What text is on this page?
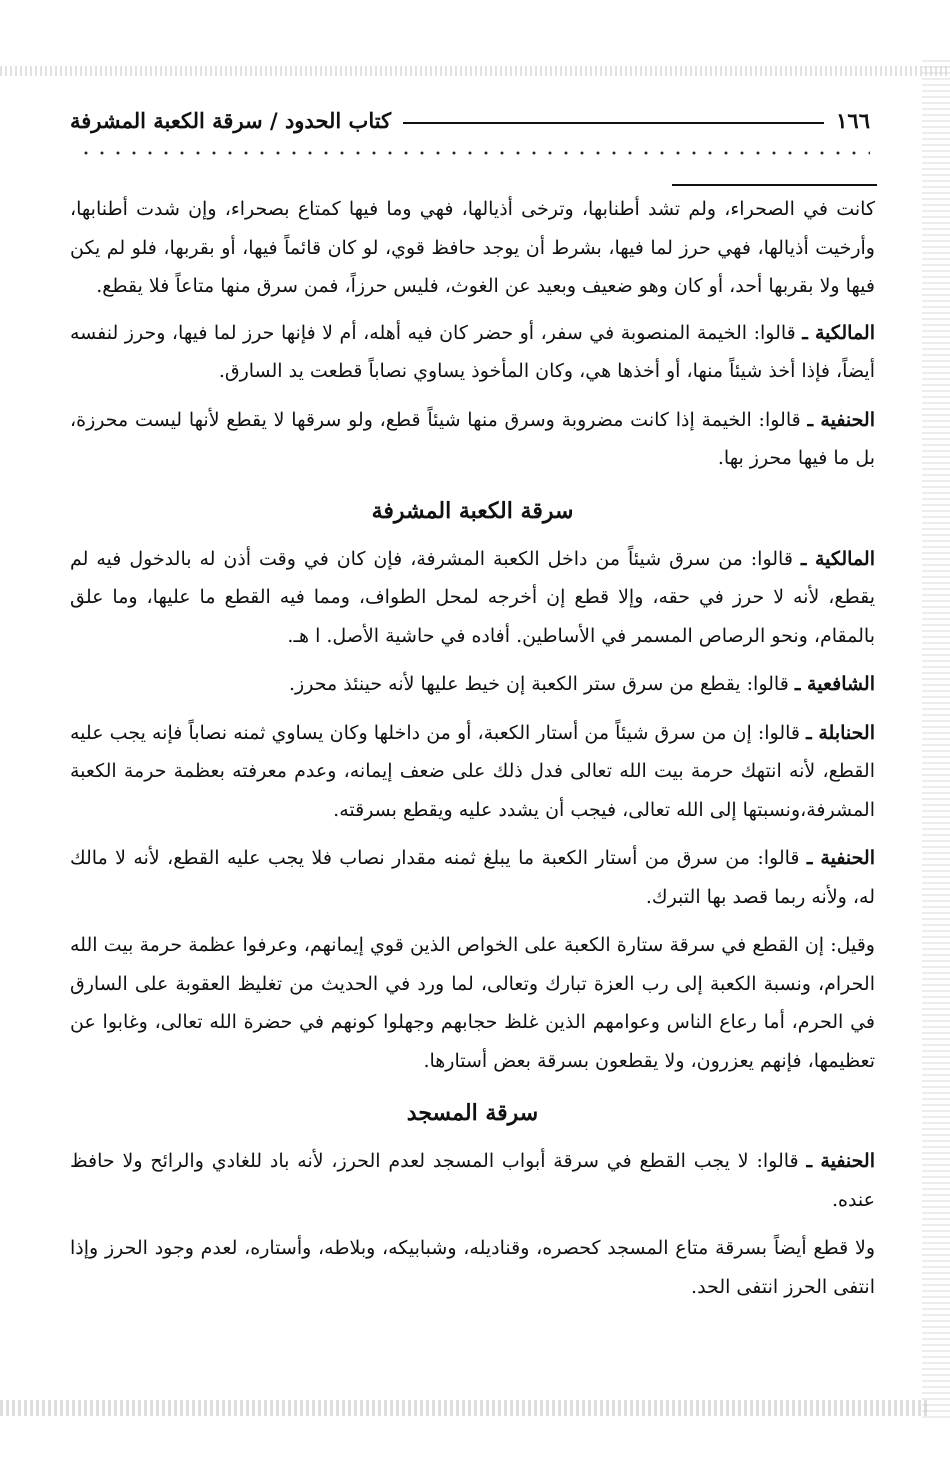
١٦٦
كتاب الحدود / سرقة الكعبة المشرفة

كانت في الصحراء، ولم تشد أطنابها، وترخى أذيالها، فهي وما فيها كمتاع بصحراء، وإن شدت أطنابها، وأرخيت أذيالها، فهي حرز لما فيها، بشرط أن يوجد حافظ قوي، لو كان قائماً فيها، أو بقربها، فلو لم يكن فيها ولا بقربها أحد، أو كان وهو ضعيف وبعيد عن الغوث، فليس حرزاً، فمن سرق منها متاعاً فلا يقطع.

المالكية ـ قالوا: الخيمة المنصوبة في سفر، أو حضر كان فيه أهله، أم لا فإنها حرز لما فيها، وحرز لنفسه أيضاً، فإذا أخذ شيئاً منها، أو أخذها هي، وكان المأخوذ يساوي نصاباً قطعت يد السارق.

الحنفية ـ قالوا: الخيمة إذا كانت مضروبة وسرق منها شيئاً قطع، ولو سرقها لا يقطع لأنها ليست محرزة، بل ما فيها محرز بها.

سرقة الكعبة المشرفة

المالكية ـ قالوا: من سرق شيئاً من داخل الكعبة المشرفة، فإن كان في وقت أذن له بالدخول فيه لم يقطع، لأنه لا حرز في حقه، وإلا قطع إن أخرجه لمحل الطواف، ومما فيه القطع ما عليها، وما علق بالمقام، ونحو الرصاص المسمر في الأساطين. أفاده في حاشية الأصل. ا هـ.

الشافعية ـ قالوا: يقطع من سرق ستر الكعبة إن خيط عليها لأنه حينئذ محرز.

الحنابلة ـ قالوا: إن من سرق شيئاً من أستار الكعبة، أو من داخلها وكان يساوي ثمنه نصاباً فإنه يجب عليه القطع، لأنه انتهك حرمة بيت الله تعالى فدل ذلك على ضعف إيمانه، وعدم معرفته بعظمة حرمة الكعبة المشرفة،ونسبتها إلى الله تعالى، فيجب أن يشدد عليه ويقطع بسرقته.

الحنفية ـ قالوا: من سرق من أستار الكعبة ما يبلغ ثمنه مقدار نصاب فلا يجب عليه القطع، لأنه لا مالك له، ولأنه ربما قصد بها التبرك.

وقيل: إن القطع في سرقة ستارة الكعبة على الخواص الذين قوي إيمانهم، وعرفوا عظمة حرمة بيت الله الحرام، ونسبة الكعبة إلى رب العزة تبارك وتعالى، لما ورد في الحديث من تغليظ العقوبة على السارق في الحرم، أما رعاع الناس وعوامهم الذين غلظ حجابهم وجهلوا كونهم في حضرة الله تعالى، وغابوا عن تعظيمها، فإنهم يعزرون، ولا يقطعون بسرقة بعض أستارها.

سرقة المسجد

الحنفية ـ قالوا: لا يجب القطع في سرقة أبواب المسجد لعدم الحرز، لأنه باد للغادي والرائح ولا حافظ عنده.

ولا قطع أيضاً بسرقة متاع المسجد كحصره، وقناديله، وشبابيكه، وبلاطه، وأستاره، لعدم وجود الحرز وإذا انتفى الحرز انتفى الحد.
